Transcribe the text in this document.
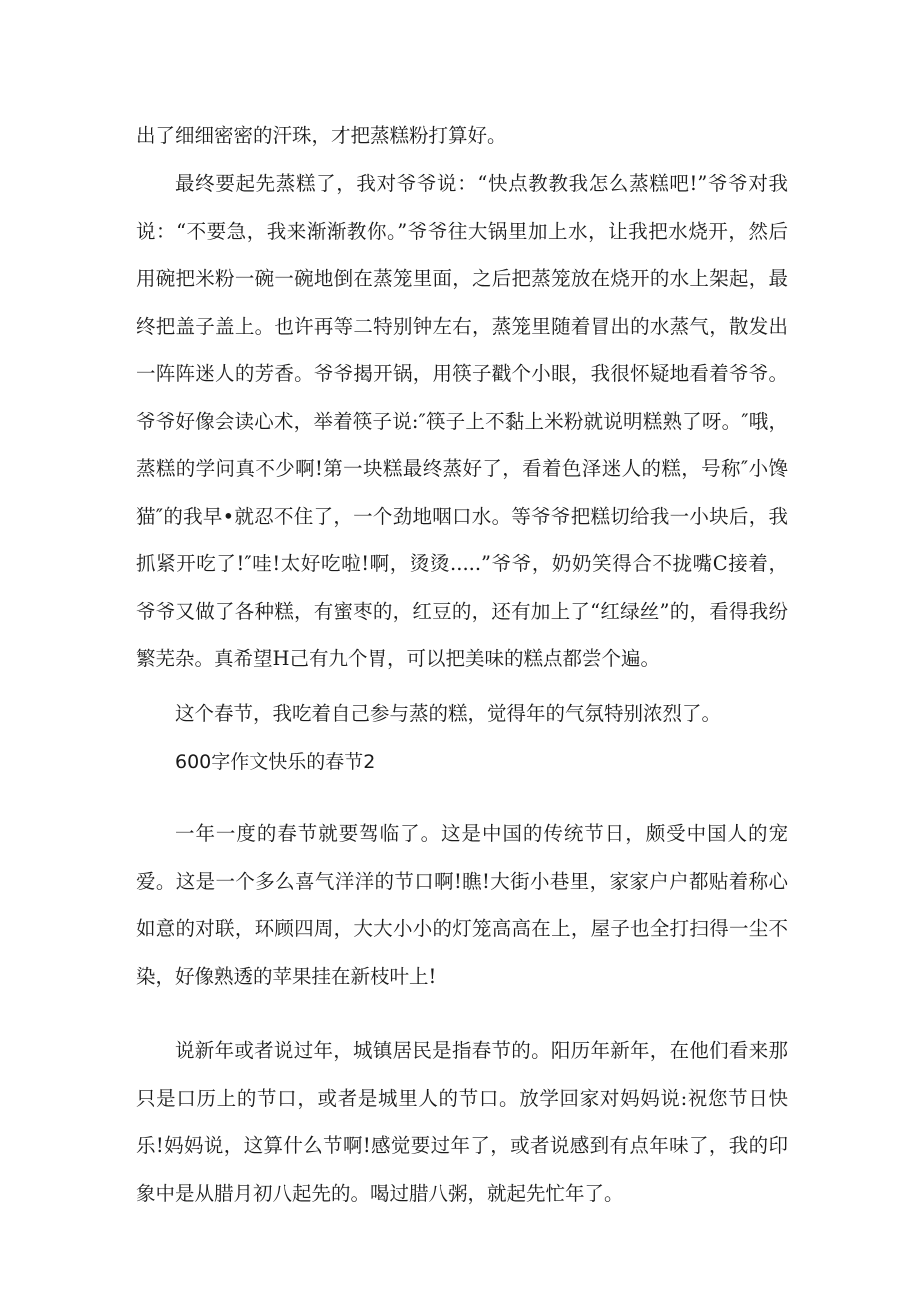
出了细细密密的汗珠，才把蒸糕粉打算好。

最终要起先蒸糕了，我对爷爷说：“快点教教我怎么蒸糕吧!”爷爷对我说：“不要急，我来渐渐教你。”爷爷往大锅里加上水，让我把水烧开，然后用碗把米粉一碗一碗地倒在蒸笼里面，之后把蒸笼放在烧开的水上架起，最终把盖子盖上。也许再等二特别钟左右，蒸笼里随着冒出的水蒸气，散发出一阵阵迷人的芳香。爷爷揭开锅，用筷子戳个小眼，我很怀疑地看着爷爷。爷爷好像会读心术，举着筷子说:″筷子上不黏上米粉就说明糕熟了呀。″哦，蒸糕的学问真不少啊!第一块糕最终蒸好了，看着色泽迷人的糕，号称″小馋猫″的我早•就忍不住了，一个劲地咽口水。等爷爷把糕切给我一小块后，我抓紧开吃了!″哇!太好吃啦!啊，烫烫.....”爷爷，奶奶笑得合不拢嘴C接着，爷爷又做了各种糕，有蜜枣的，红豆的，还有加上了“红绿丝”的，看得我纷繁芜杂。真希望H己有九个胃，可以把美味的糕点都尝个遍。

这个春节，我吃着自己参与蒸的糕，觉得年的气氛特别浓烈了。

600字作文快乐的春节2

一年一度的春节就要驾临了。这是中国的传统节日，颇受中国人的宠爱。这是一个多么喜气洋洋的节口啊!瞧!大街小巷里，家家户户都贴着称心如意的对联，环顾四周，大大小小的灯笼高高在上，屋子也全打扫得一尘不染，好像熟透的苹果挂在新枝叶上!

说新年或者说过年，城镇居民是指春节的。阳历年新年，在他们看来那只是口历上的节口，或者是城里人的节口。放学回家对妈妈说:祝您节日快乐!妈妈说，这算什么节啊!感觉要过年了，或者说感到有点年味了，我的印象中是从腊月初八起先的。喝过腊八粥，就起先忙年了。
